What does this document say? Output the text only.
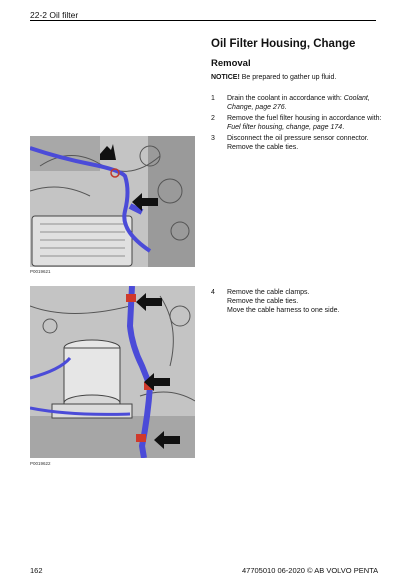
22-2 Oil filter
Oil Filter Housing, Change
Removal
NOTICE! Be prepared to gather up fluid.
1	Drain the coolant in accordance with: Coolant,
Change, page 276.
2	Remove the fuel filter housing in accordance with:
Fuel filter housing, change, page 174.
3	Disconnect the oil pressure sensor connector.
Remove the cable ties.
P0019621
4	Remove the cable clamps.
Remove the cable ties.
Move the cable harness to one side.
P0019622
162	47705010 06-2020 © AB VOLVO PENTA
